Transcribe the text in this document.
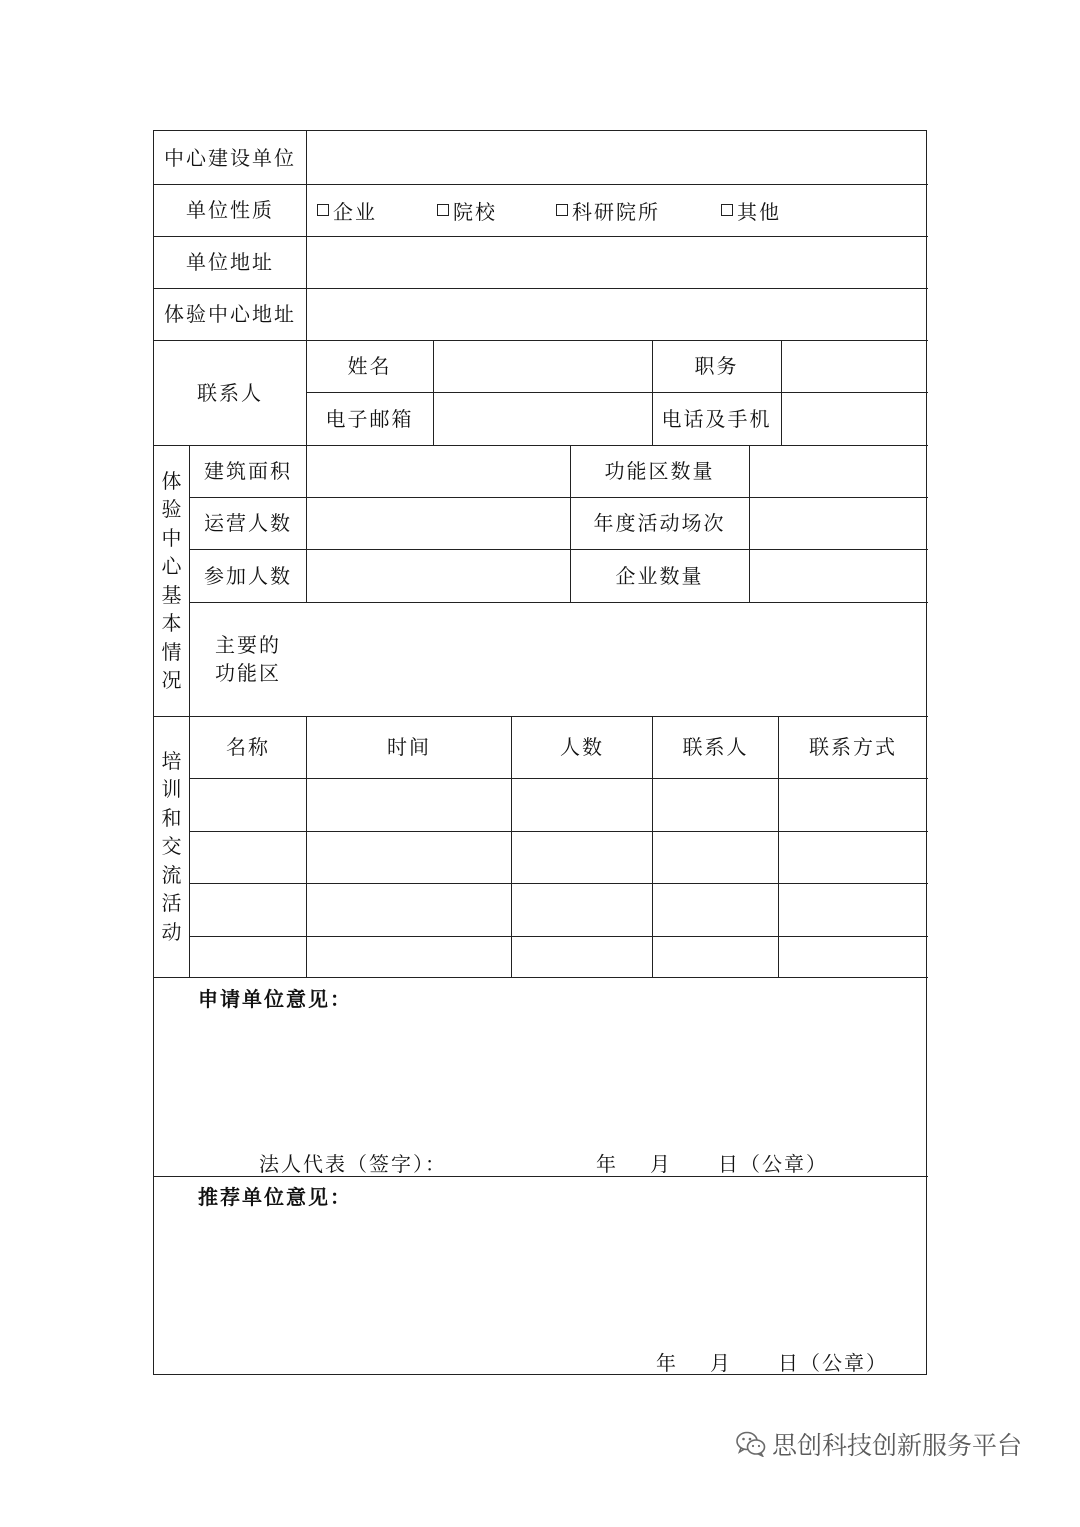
中心建设单位
单位性质	企业	院校	科研院所	其他
单位地址
体验中心地址
联系人
姓名	职务
电子邮箱	电话及手机
体
验
中
心
基
本
情
况
建筑面积	功能区数量
运营人数	年度活动场次
参加人数	企业数量
主要的功能区
培
训
和
交
流
活
动
名称	时间	人数	联系人	联系方式
申请单位意见：
法人代表（签字）：	年 月 日（公章）
推荐单位意见：
年 月 日（公章）
思创科技创新服务平台
